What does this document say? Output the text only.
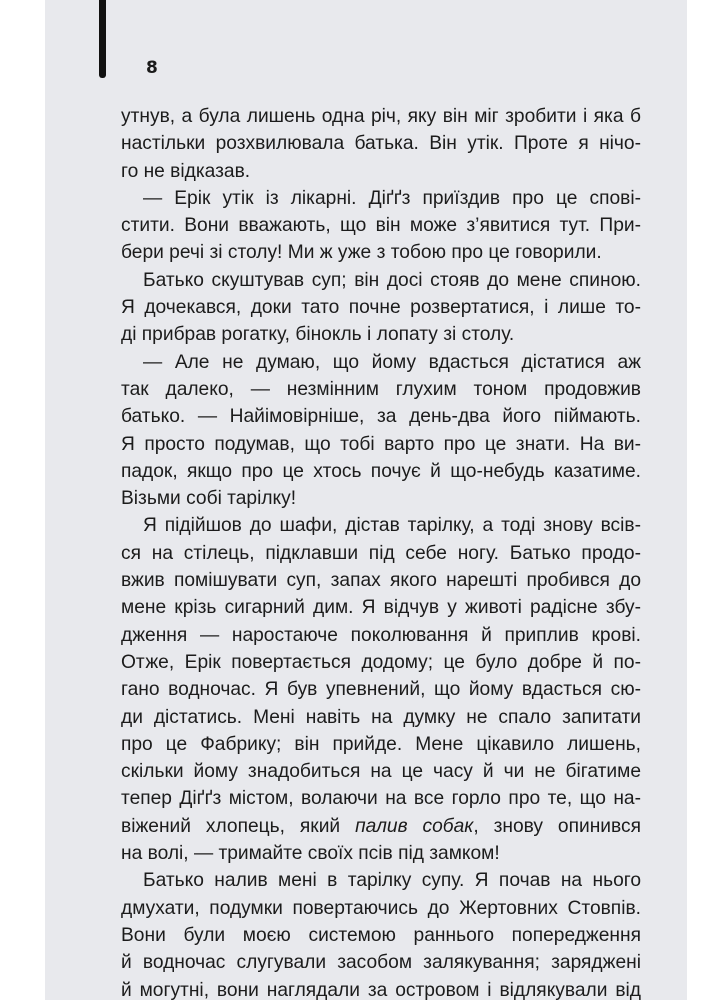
8
утнув, а була лишень одна річ, яку він міг зробити і яка б
настільки розхвилювала батька. Він утік. Проте я нічо-
го не відказав.
— Ерік утік із лікарні. Діґґз приїздив про це спові-
стити. Вони вважають, що він може з’явитися тут. При-
бери речі зі столу! Ми ж уже з тобою про це говорили.
Батько скуштував суп; він досі стояв до мене спиною.
Я дочекався, доки тато почне розвертатися, і лише то-
ді прибрав рогатку, бінокль і лопату зі столу.
— Але не думаю, що йому вдасться дістатися аж
так далеко, — незмінним глухим тоном продовжив
батько. — Найімовірніше, за день-два його піймають.
Я просто подумав, що тобі варто про це знати. На ви-
падок, якщо про це хтось почує й що-небудь казатиме.
Візьми собі тарілку!
Я підійшов до шафи, дістав тарілку, а тоді знову всів-
ся на стілець, підклавши під себе ногу. Батько продо-
вжив помішувати суп, запах якого нарешті пробився до
мене крізь сигарний дим. Я відчув у животі радісне збу-
дження — наростаюче поколювання й приплив крові.
Отже, Ерік повертається додому; це було добре й по-
гано водночас. Я був упевнений, що йому вдасться сю-
ди дістатись. Мені навіть на думку не спало запитати
про це Фабрику; він прийде. Мене цікавило лишень,
скільки йому знадобиться на це часу й чи не бігатиме
тепер Діґґз містом, волаючи на все горло про те, що на-
віжений хлопець, який палив собак, знову опинився
на волі, — тримайте своїх псів під замком!
Батько налив мені в тарілку супу. Я почав на нього
дмухати, подумки повертаючись до Жертовних Стовпів.
Вони були моєю системою раннього попередження
й водночас слугували засобом залякування; заряджені
й могутні, вони наглядали за островом і відлякували від
